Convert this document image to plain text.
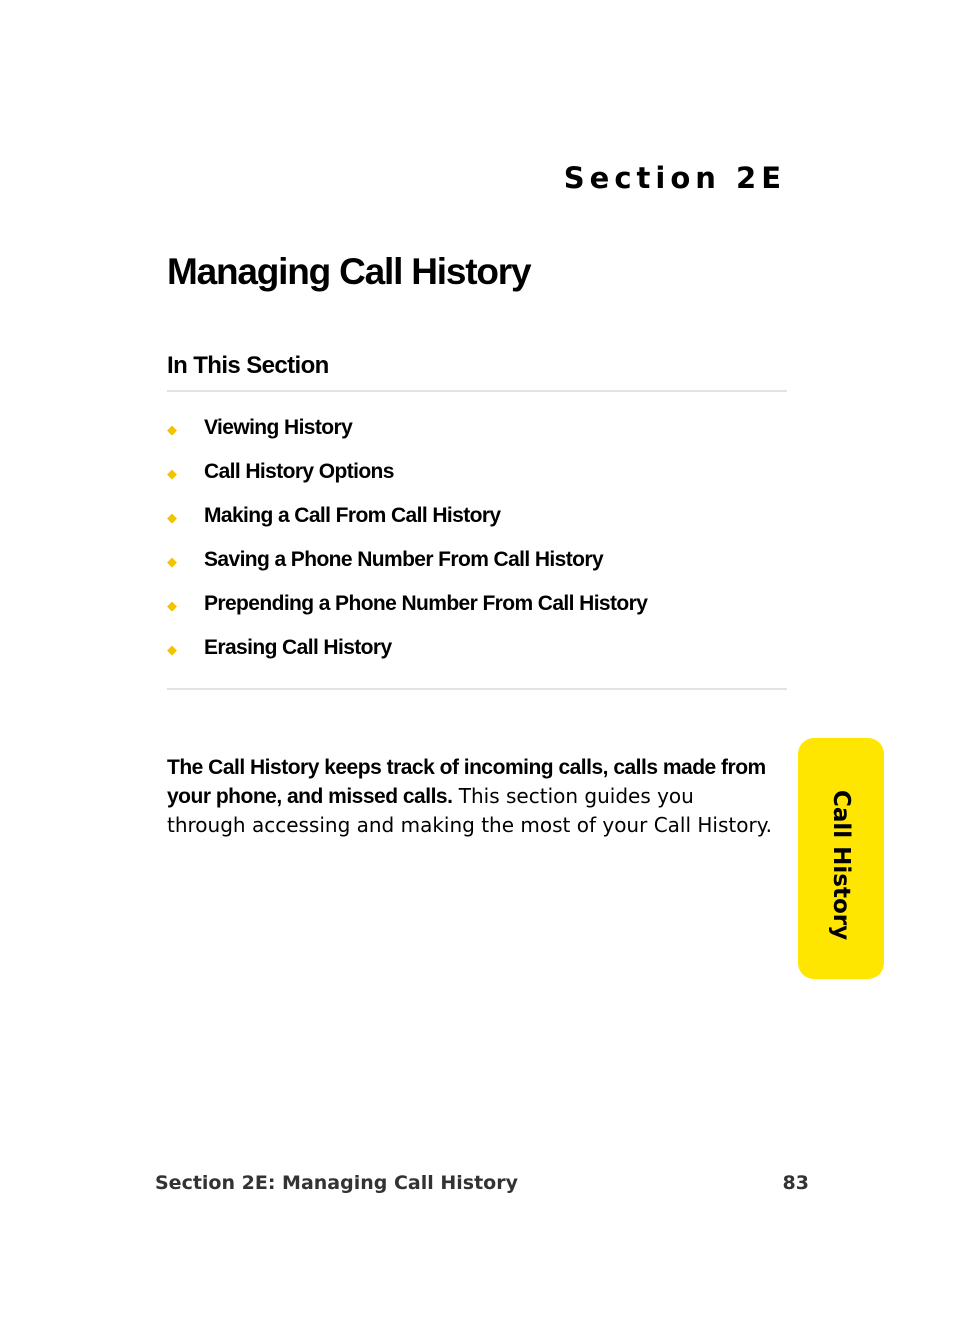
Section 2E
Managing Call History
In This Section
◆ Viewing History
◆ Call History Options
◆ Making a Call From Call History
◆ Saving a Phone Number From Call History
◆ Prepending a Phone Number From Call History
◆ Erasing Call History

The Call History keeps track of incoming calls, calls made from your phone, and missed calls. This section guides you through accessing and making the most of your Call History. Call History
Section 2E: Managing Call History	83
